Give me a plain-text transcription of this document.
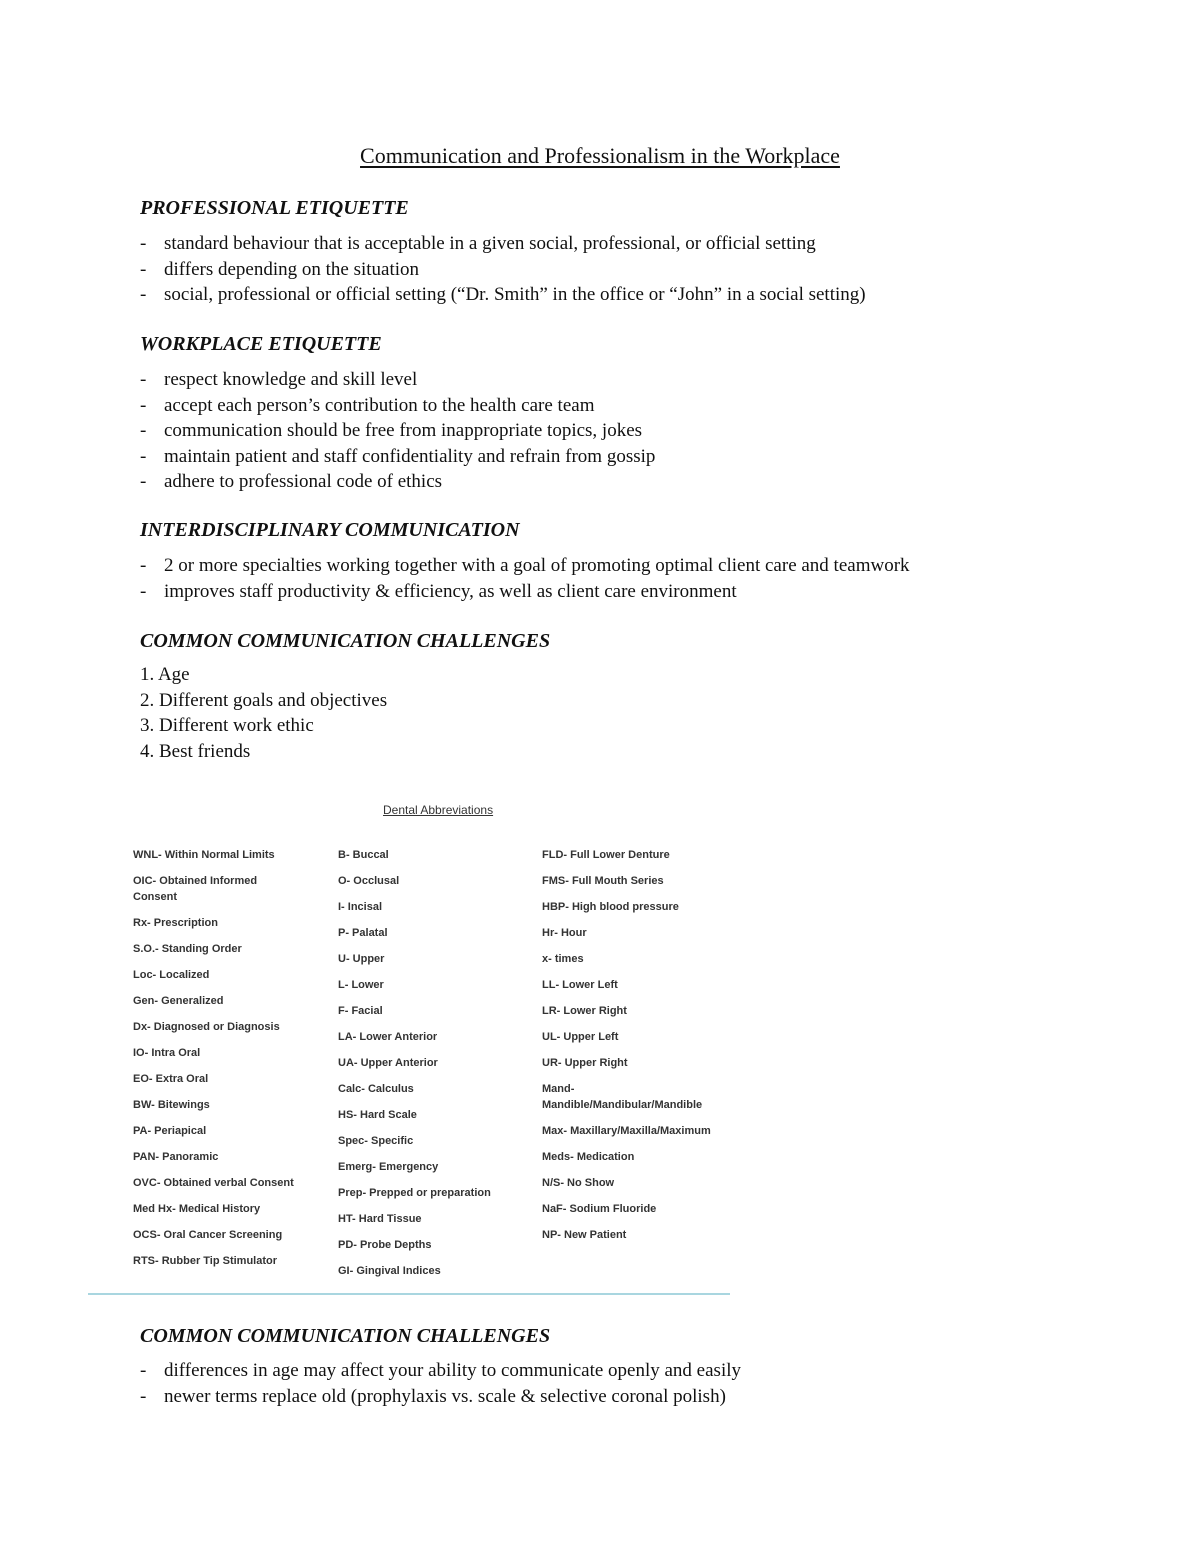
Communication and Professionalism in the Workplace
PROFESSIONAL ETIQUETTE
- standard behaviour that is acceptable in a given social, professional, or official setting
- differs depending on the situation
- social, professional or official setting (“Dr. Smith” in the office or “John” in a social setting)
WORKPLACE ETIQUETTE
- respect knowledge and skill level
- accept each person’s contribution to the health care team
- communication should be free from inappropriate topics, jokes
- maintain patient and staff confidentiality and refrain from gossip
- adhere to professional code of ethics
INTERDISCIPLINARY COMMUNICATION
- 2 or more specialties working together with a goal of promoting optimal client care and teamwork
- improves staff productivity & efficiency, as well as client care environment
COMMON COMMUNICATION CHALLENGES
1. Age
2. Different goals and objectives
3. Different work ethic
4. Best friends
Dental Abbreviations
WNL- Within Normal Limits
OIC- Obtained Informed Consent
Rx- Prescription
S.O.- Standing Order
Loc- Localized
Gen- Generalized
Dx- Diagnosed or Diagnosis
IO- Intra Oral
EO- Extra Oral
BW- Bitewings
PA- Periapical
PAN- Panoramic
OVC- Obtained verbal Consent
Med Hx- Medical History
OCS- Oral Cancer Screening
RTS- Rubber Tip Stimulator
B- Buccal
O- Occlusal
I- Incisal
P- Palatal
U- Upper
L- Lower
F- Facial
LA- Lower Anterior
UA- Upper Anterior
Calc- Calculus
HS- Hard Scale
Spec- Specific
Emerg- Emergency
Prep- Prepped or preparation
HT- Hard Tissue
PD- Probe Depths
GI- Gingival Indices
FLD- Full Lower Denture
FMS- Full Mouth Series
HBP- High blood pressure
Hr- Hour
x- times
LL- Lower Left
LR- Lower Right
UL- Upper Left
UR- Upper Right
Mand- Mandible/Mandibular/Mandible
Max- Maxillary/Maxilla/Maximum
Meds- Medication
N/S- No Show
NaF- Sodium Fluoride
NP- New Patient
COMMON COMMUNICATION CHALLENGES
- differences in age may affect your ability to communicate openly and easily
- newer terms replace old (prophylaxis vs. scale & selective coronal polish)
